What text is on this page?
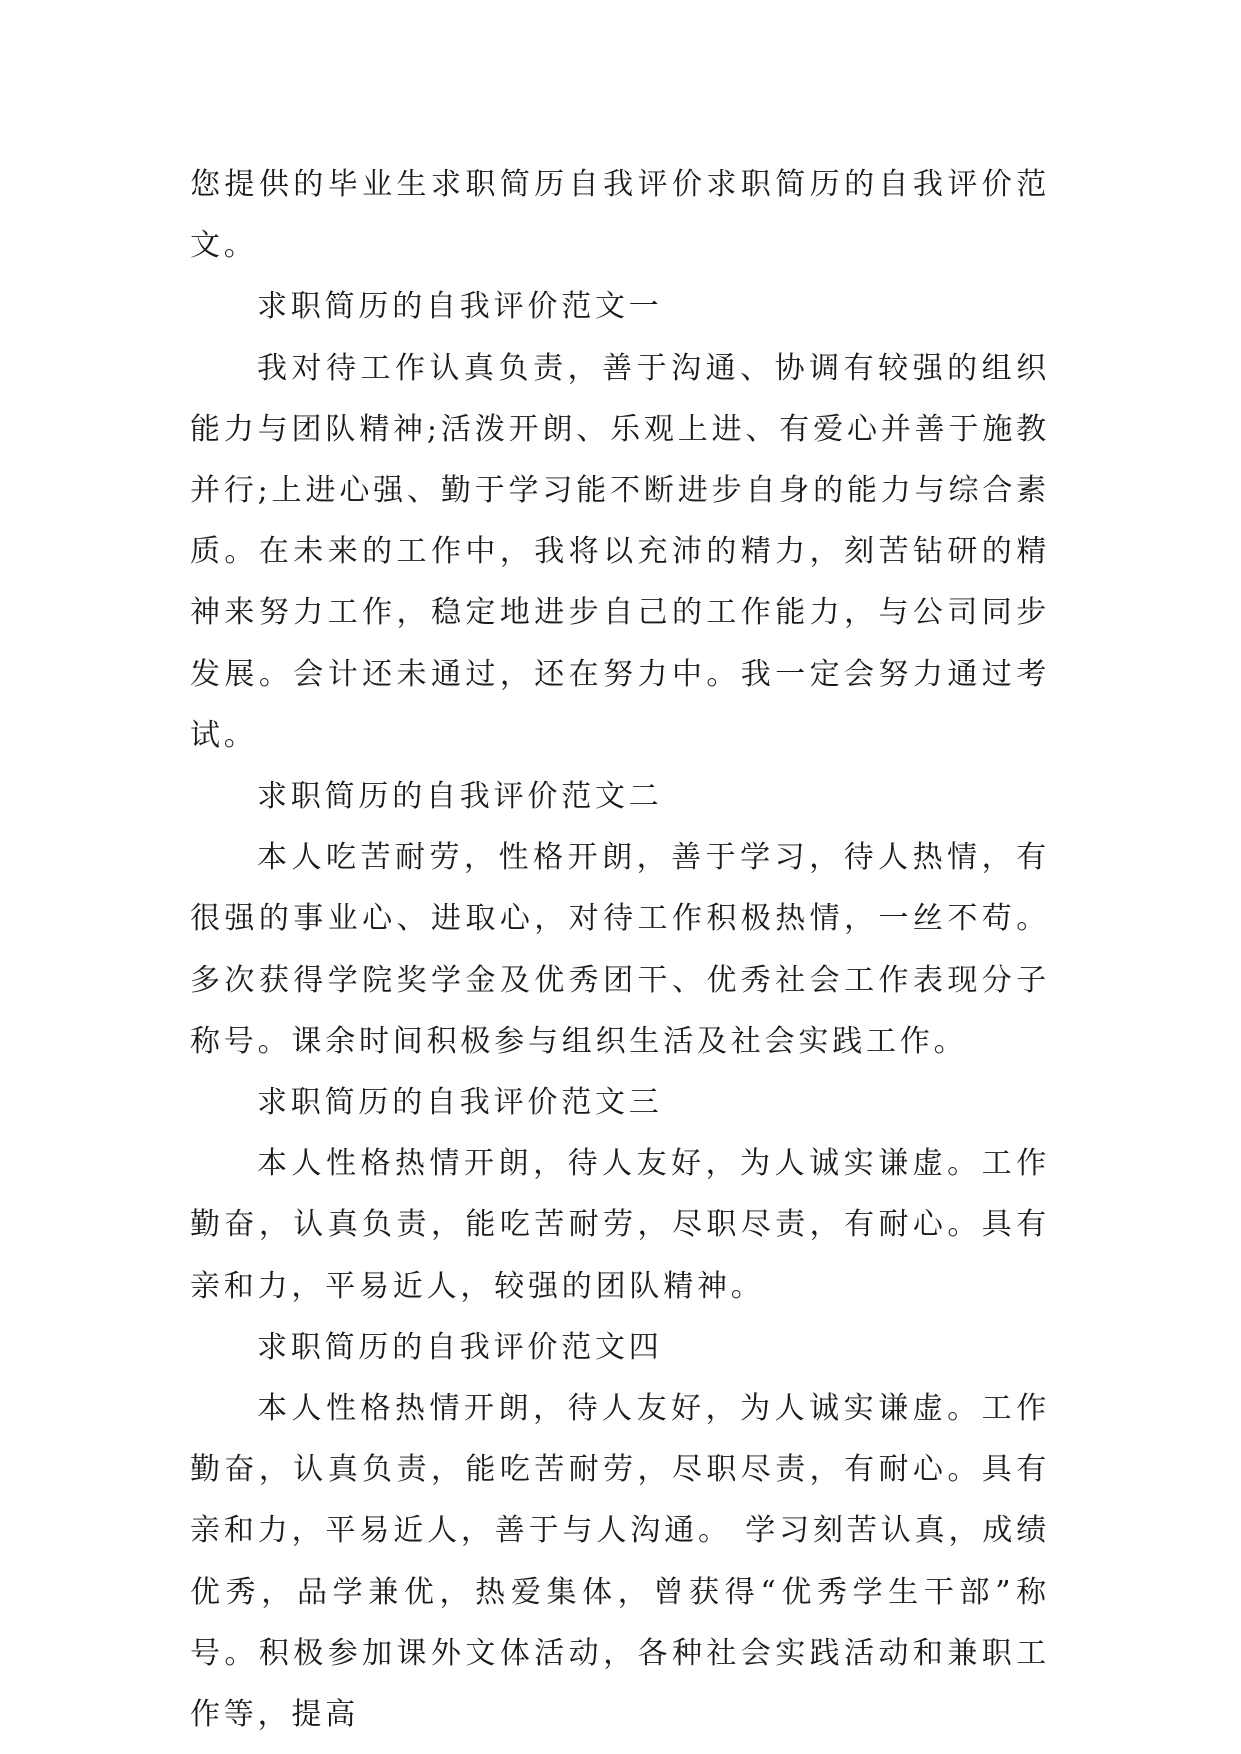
您提供的毕业生求职简历自我评价求职简历的自我评价范文。

求职简历的自我评价范文一

我对待工作认真负责，善于沟通、协调有较强的组织能力与团队精神;活泼开朗、乐观上进、有爱心并善于施教并行;上进心强、勤于学习能不断进步自身的能力与综合素质。在未来的工作中，我将以充沛的精力，刻苦钻研的精神来努力工作，稳定地进步自己的工作能力，与公司同步发展。会计还未通过，还在努力中。我一定会努力通过考试。

求职简历的自我评价范文二

本人吃苦耐劳，性格开朗，善于学习，待人热情，有很强的事业心、进取心，对待工作积极热情，一丝不苟。多次获得学院奖学金及优秀团干、优秀社会工作表现分子称号。课余时间积极参与组织生活及社会实践工作。

求职简历的自我评价范文三

本人性格热情开朗，待人友好，为人诚实谦虚。工作勤奋，认真负责，能吃苦耐劳，尽职尽责，有耐心。具有亲和力，平易近人，较强的团队精神。

求职简历的自我评价范文四

本人性格热情开朗，待人友好，为人诚实谦虚。工作勤奋，认真负责，能吃苦耐劳，尽职尽责，有耐心。具有亲和力，平易近人，善于与人沟通。 学习刻苦认真，成绩优秀，品学兼优，热爱集体，曾获得“优秀学生干部”称号。积极参加课外文体活动，各种社会实践活动和兼职工作等，提高
